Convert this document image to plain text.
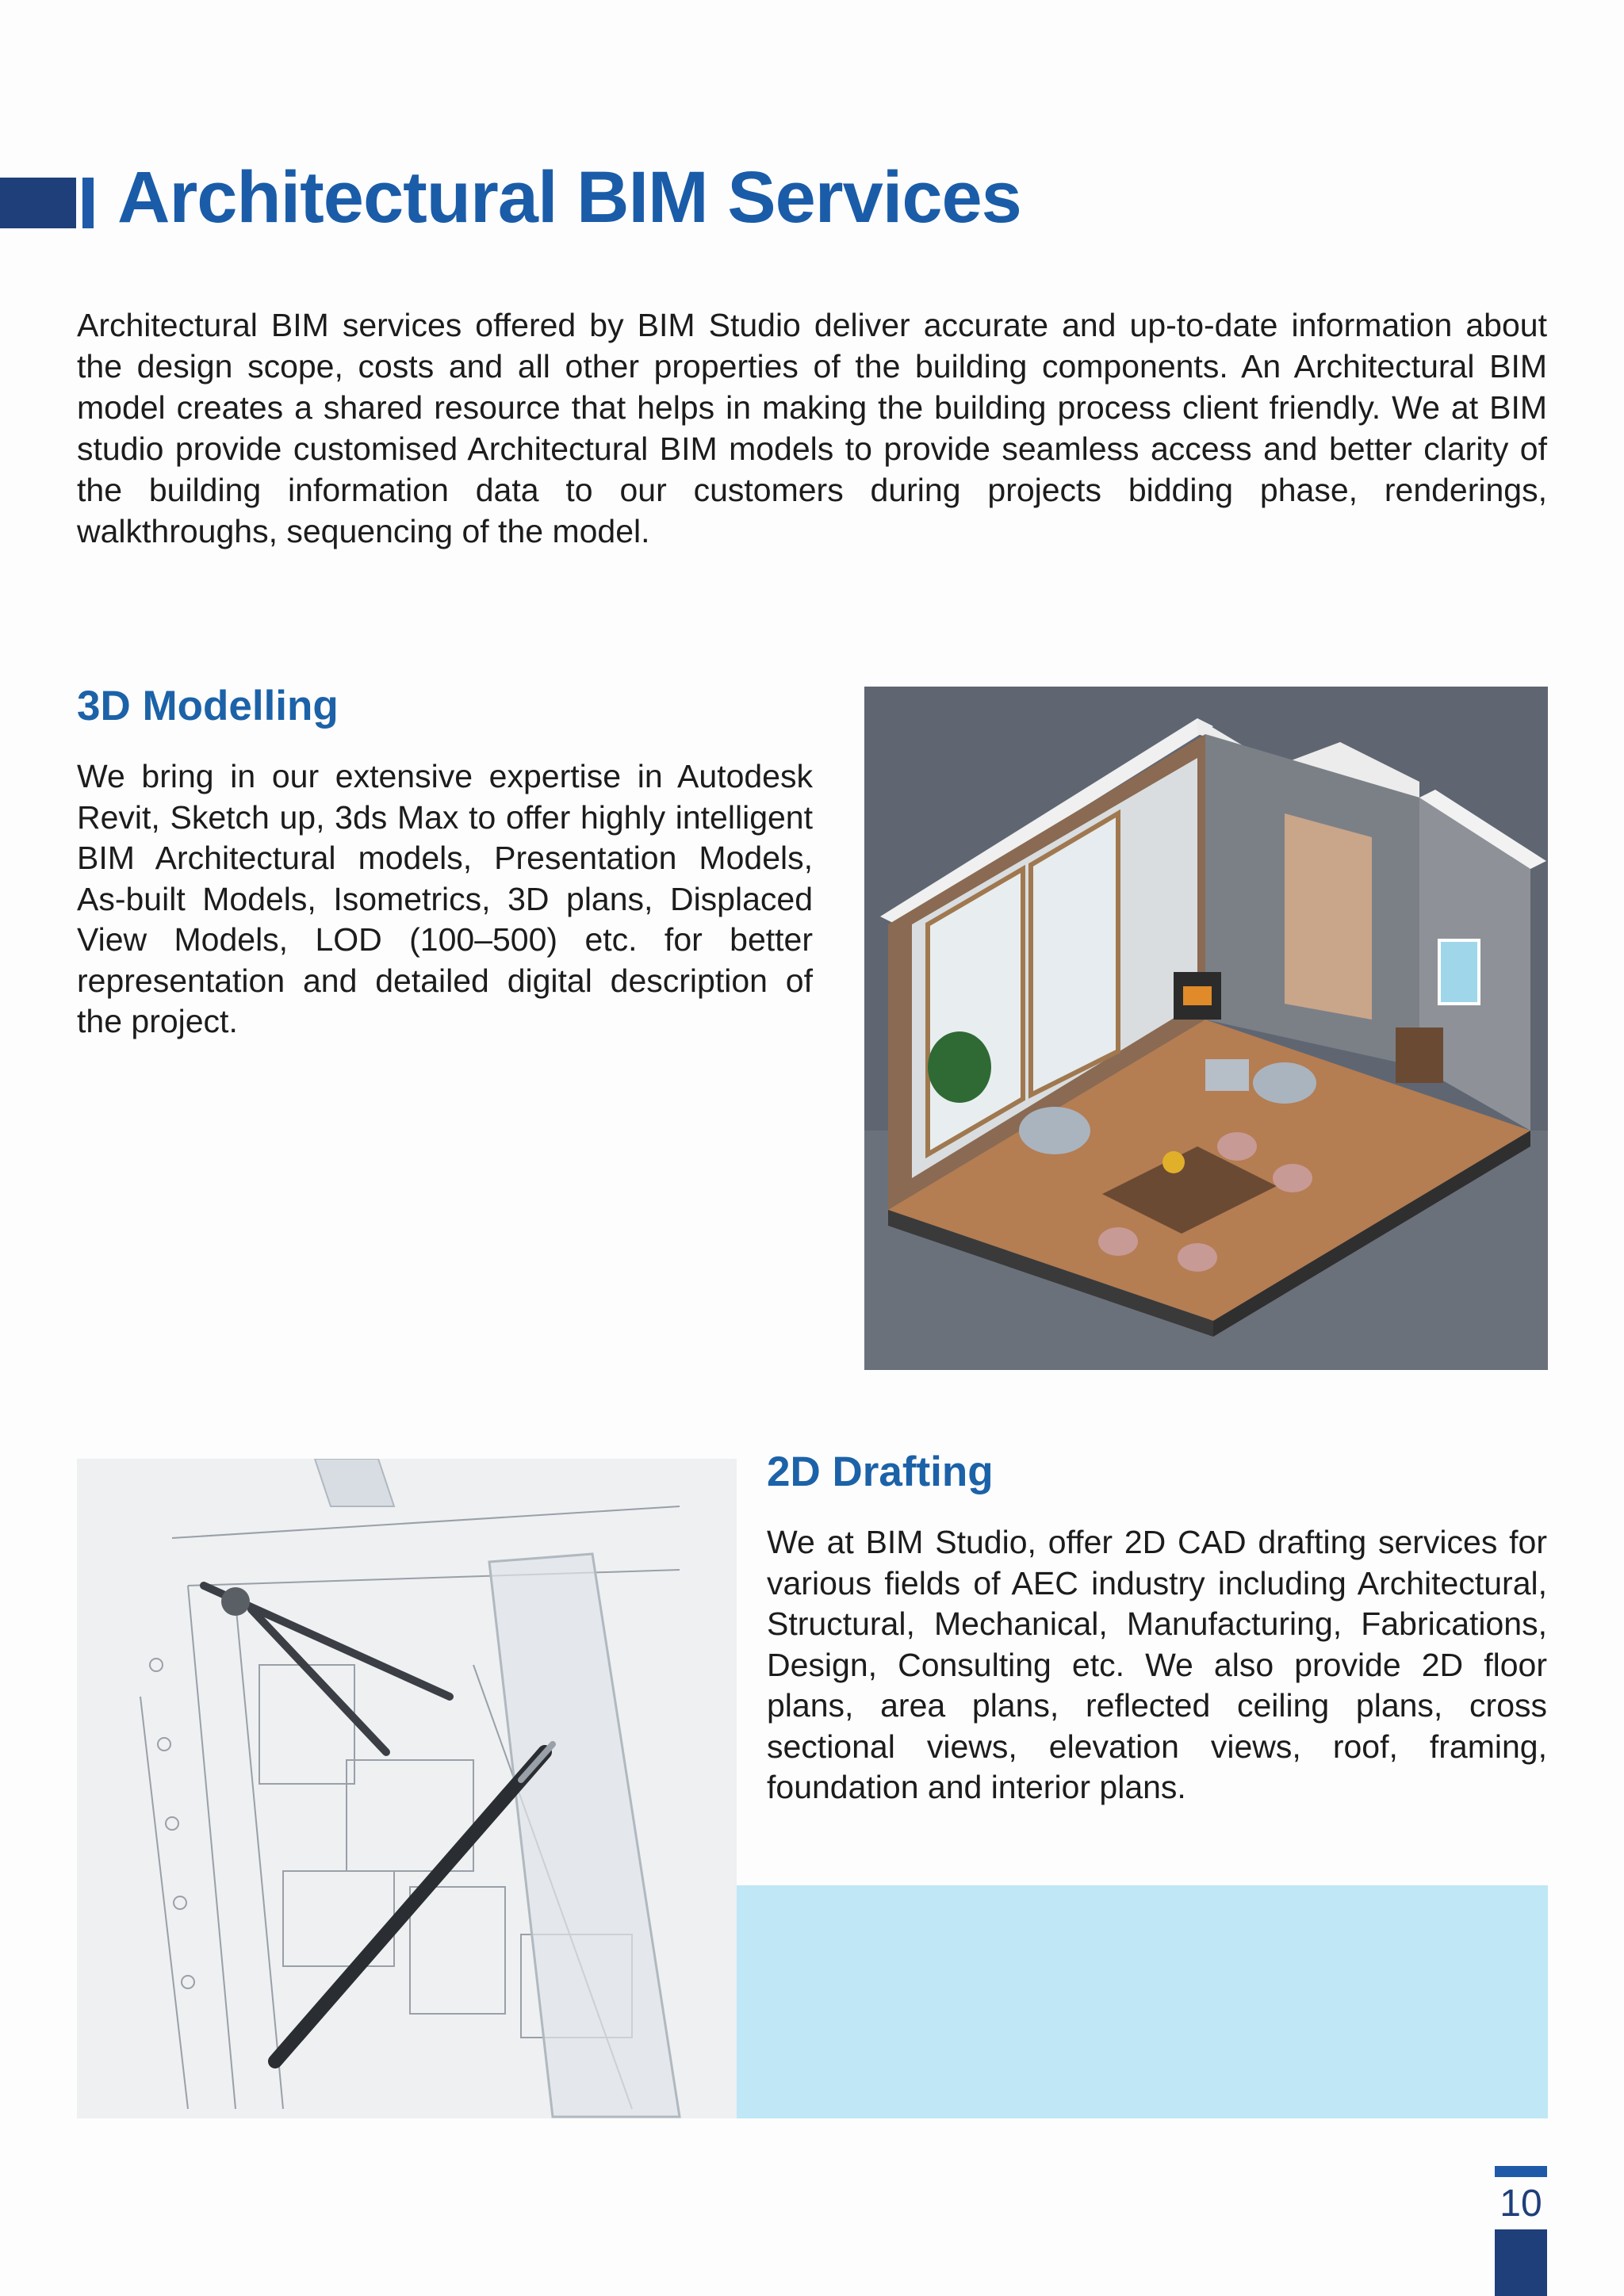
Architectural BIM Services

Architectural BIM services offered by BIM Studio deliver accurate and up-to-date information about the design scope, costs and all other properties of the building components. An Architectural BIM model creates a shared resource that helps in making the building process client friendly. We at BIM studio provide customised Architectural BIM models to provide seamless access and better clarity of the building information data to our customers during projects bidding phase, renderings, walkthroughs, sequencing of the model.

3D Modelling

We bring in our extensive expertise in Autodesk Revit, Sketch up, 3ds Max to offer highly intelligent BIM Architectural models, Presentation Models, As-built Models, Isometrics, 3D plans, Displaced View Models, LOD (100–500) etc. for better representation and detailed digital description of the project.

2D Drafting

We at BIM Studio, offer 2D CAD drafting services for various fields of AEC industry including Architectural, Structural, Mechanical, Manufacturing, Fabrications, Design, Consulting etc. We also provide 2D floor plans, area plans, reflected ceiling plans, cross sectional views, elevation views, roof, framing, foundation and interior plans.

10
